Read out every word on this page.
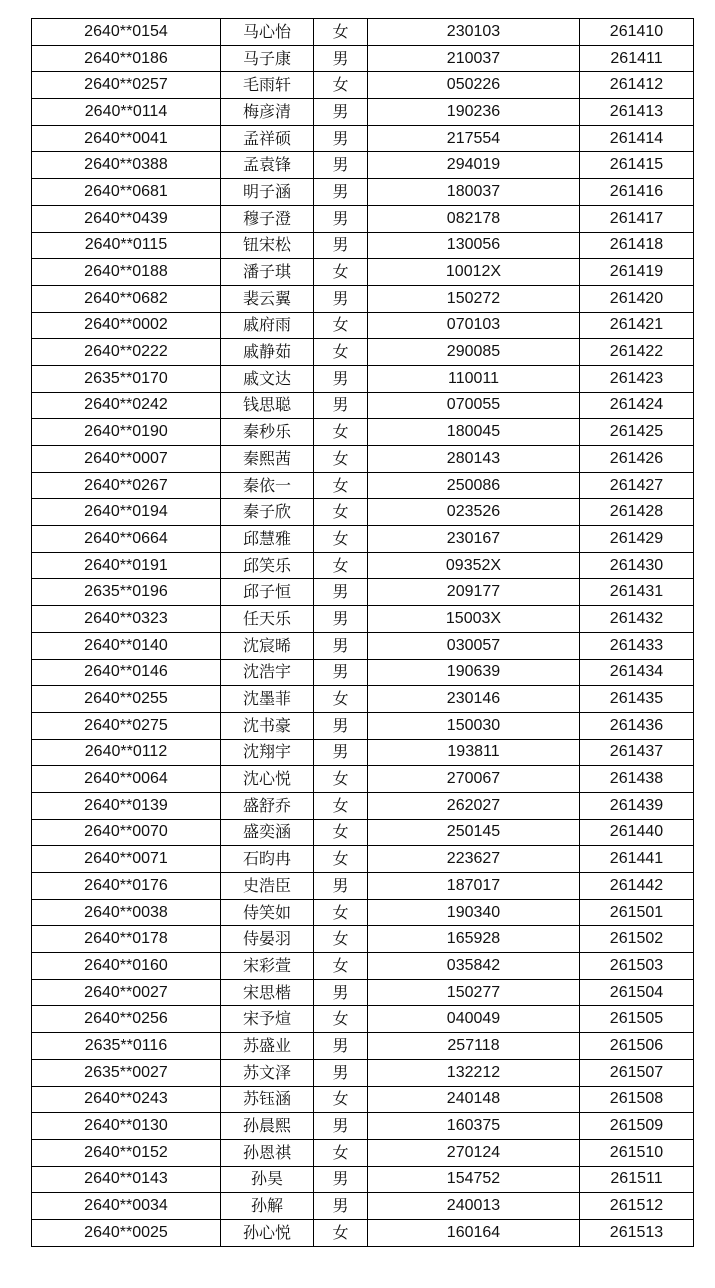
2640**0154	马心怡	女	230103	261410
2640**0186	马子康	男	210037	261411
2640**0257	毛雨轩	女	050226	261412
2640**0114	梅彦清	男	190236	261413
2640**0041	孟祥硕	男	217554	261414
2640**0388	孟袁锋	男	294019	261415
2640**0681	明子涵	男	180037	261416
2640**0439	穆子澄	男	082178	261417
2640**0115	钮宋松	男	130056	261418
2640**0188	潘子琪	女	10012X	261419
2640**0682	裴云翼	男	150272	261420
2640**0002	戚府雨	女	070103	261421
2640**0222	戚静茹	女	290085	261422
2635**0170	戚文达	男	110011	261423
2640**0242	钱思聪	男	070055	261424
2640**0190	秦秒乐	女	180045	261425
2640**0007	秦熙茜	女	280143	261426
2640**0267	秦依一	女	250086	261427
2640**0194	秦子欣	女	023526	261428
2640**0664	邱慧雅	女	230167	261429
2640**0191	邱笑乐	女	09352X	261430
2635**0196	邱子恒	男	209177	261431
2640**0323	任天乐	男	15003X	261432
2640**0140	沈宸晞	男	030057	261433
2640**0146	沈浩宇	男	190639	261434
2640**0255	沈墨菲	女	230146	261435
2640**0275	沈书豪	男	150030	261436
2640**0112	沈翔宇	男	193811	261437
2640**0064	沈心悦	女	270067	261438
2640**0139	盛舒乔	女	262027	261439
2640**0070	盛奕涵	女	250145	261440
2640**0071	石昀冉	女	223627	261441
2640**0176	史浩臣	男	187017	261442
2640**0038	侍笑如	女	190340	261501
2640**0178	侍晏羽	女	165928	261502
2640**0160	宋彩萱	女	035842	261503
2640**0027	宋思楷	男	150277	261504
2640**0256	宋予煊	女	040049	261505
2635**0116	苏盛业	男	257118	261506
2635**0027	苏文泽	男	132212	261507
2640**0243	苏钰涵	女	240148	261508
2640**0130	孙晨熙	男	160375	261509
2640**0152	孙恩祺	女	270124	261510
2640**0143	孙昊	男	154752	261511
2640**0034	孙解	男	240013	261512
2640**0025	孙心悦	女	160164	261513
